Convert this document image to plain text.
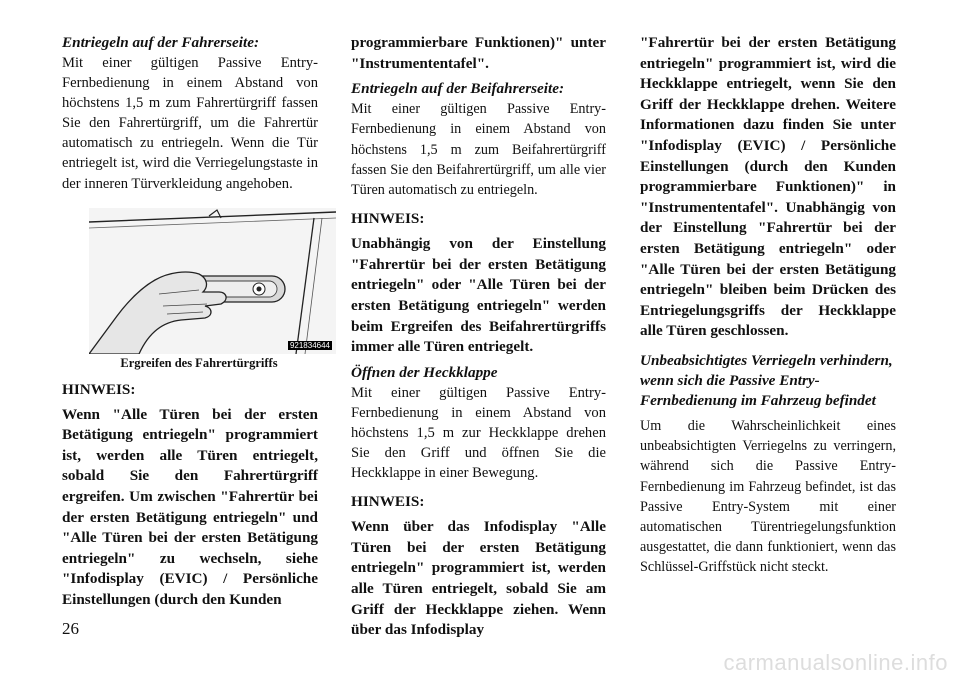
Entriegeln auf der Fahrerseite:

Mit einer gültigen Passive Entry-Fernbedienung in einem Abstand von höchstens 1,5 m zum Fahrertürgriff fassen Sie den Fahrertürgriff, um die Fahrertür automatisch zu entriegeln. Wenn die Tür entriegelt ist, wird die Verriegelungstaste in der inneren Türverkleidung angehoben.

921834644

Ergreifen des Fahrertürgriffs

HINWEIS:

Wenn "Alle Türen bei der ersten Betätigung entriegeln" programmiert ist, werden alle Türen entriegelt, sobald Sie den Fahrertürgriff ergreifen. Um zwischen "Fahrertür bei der ersten Betätigung entriegeln" und "Alle Türen bei der ersten Betätigung entriegeln" zu wechseln, siehe "Infodisplay (EVIC) / Persönliche Einstellungen (durch den Kunden

programmierbare Funktionen)" unter "Instrumententafel".

Entriegeln auf der Beifahrerseite:

Mit einer gültigen Passive Entry-Fernbedienung in einem Abstand von höchstens 1,5 m zum Beifahrertürgriff fassen Sie den Beifahrertürgriff, um alle vier Türen automatisch zu entriegeln.

HINWEIS:

Unabhängig von der Einstellung "Fahrertür bei der ersten Betätigung entriegeln" oder "Alle Türen bei der ersten Betätigung entriegeln" werden beim Ergreifen des Beifahrertürgriffs immer alle Türen entriegelt.

Öffnen der Heckklappe

Mit einer gültigen Passive Entry-Fernbedienung in einem Abstand von höchstens 1,5 m zur Heckklappe drehen Sie den Griff und öffnen Sie die Heckklappe in einer Bewegung.

HINWEIS:

Wenn über das Infodisplay "Alle Türen bei der ersten Betätigung entriegeln" programmiert ist, werden alle Türen entriegelt, sobald Sie am Griff der Heckklappe ziehen. Wenn über das Infodisplay

"Fahrertür bei der ersten Betätigung entriegeln" programmiert ist, wird die Heckklappe entriegelt, wenn Sie den Griff der Heckklappe drehen. Weitere Informationen dazu finden Sie unter "Infodisplay (EVIC) / Persönliche Einstellungen (durch den Kunden programmierbare Funktionen)" in "Instrumententafel". Unabhängig von der Einstellung "Fahrertür bei der ersten Betätigung entriegeln" oder "Alle Türen bei der ersten Betätigung entriegeln" bleiben beim Drücken des Entriegelungsgriffs der Heckklappe alle Türen geschlossen.

Unbeabsichtigtes Verriegeln verhindern, wenn sich die Passive Entry-Fernbedienung im Fahrzeug befindet

Um die Wahrscheinlichkeit eines unbeabsichtigten Verriegelns zu verringern, während sich die Passive Entry-Fernbedienung im Fahrzeug befindet, ist das Passive Entry-System mit einer automatischen Türentriegelungsfunktion ausgestattet, die dann funktioniert, wenn das Schlüssel-Griffstück nicht steckt.

26
carmanualsonline.info
